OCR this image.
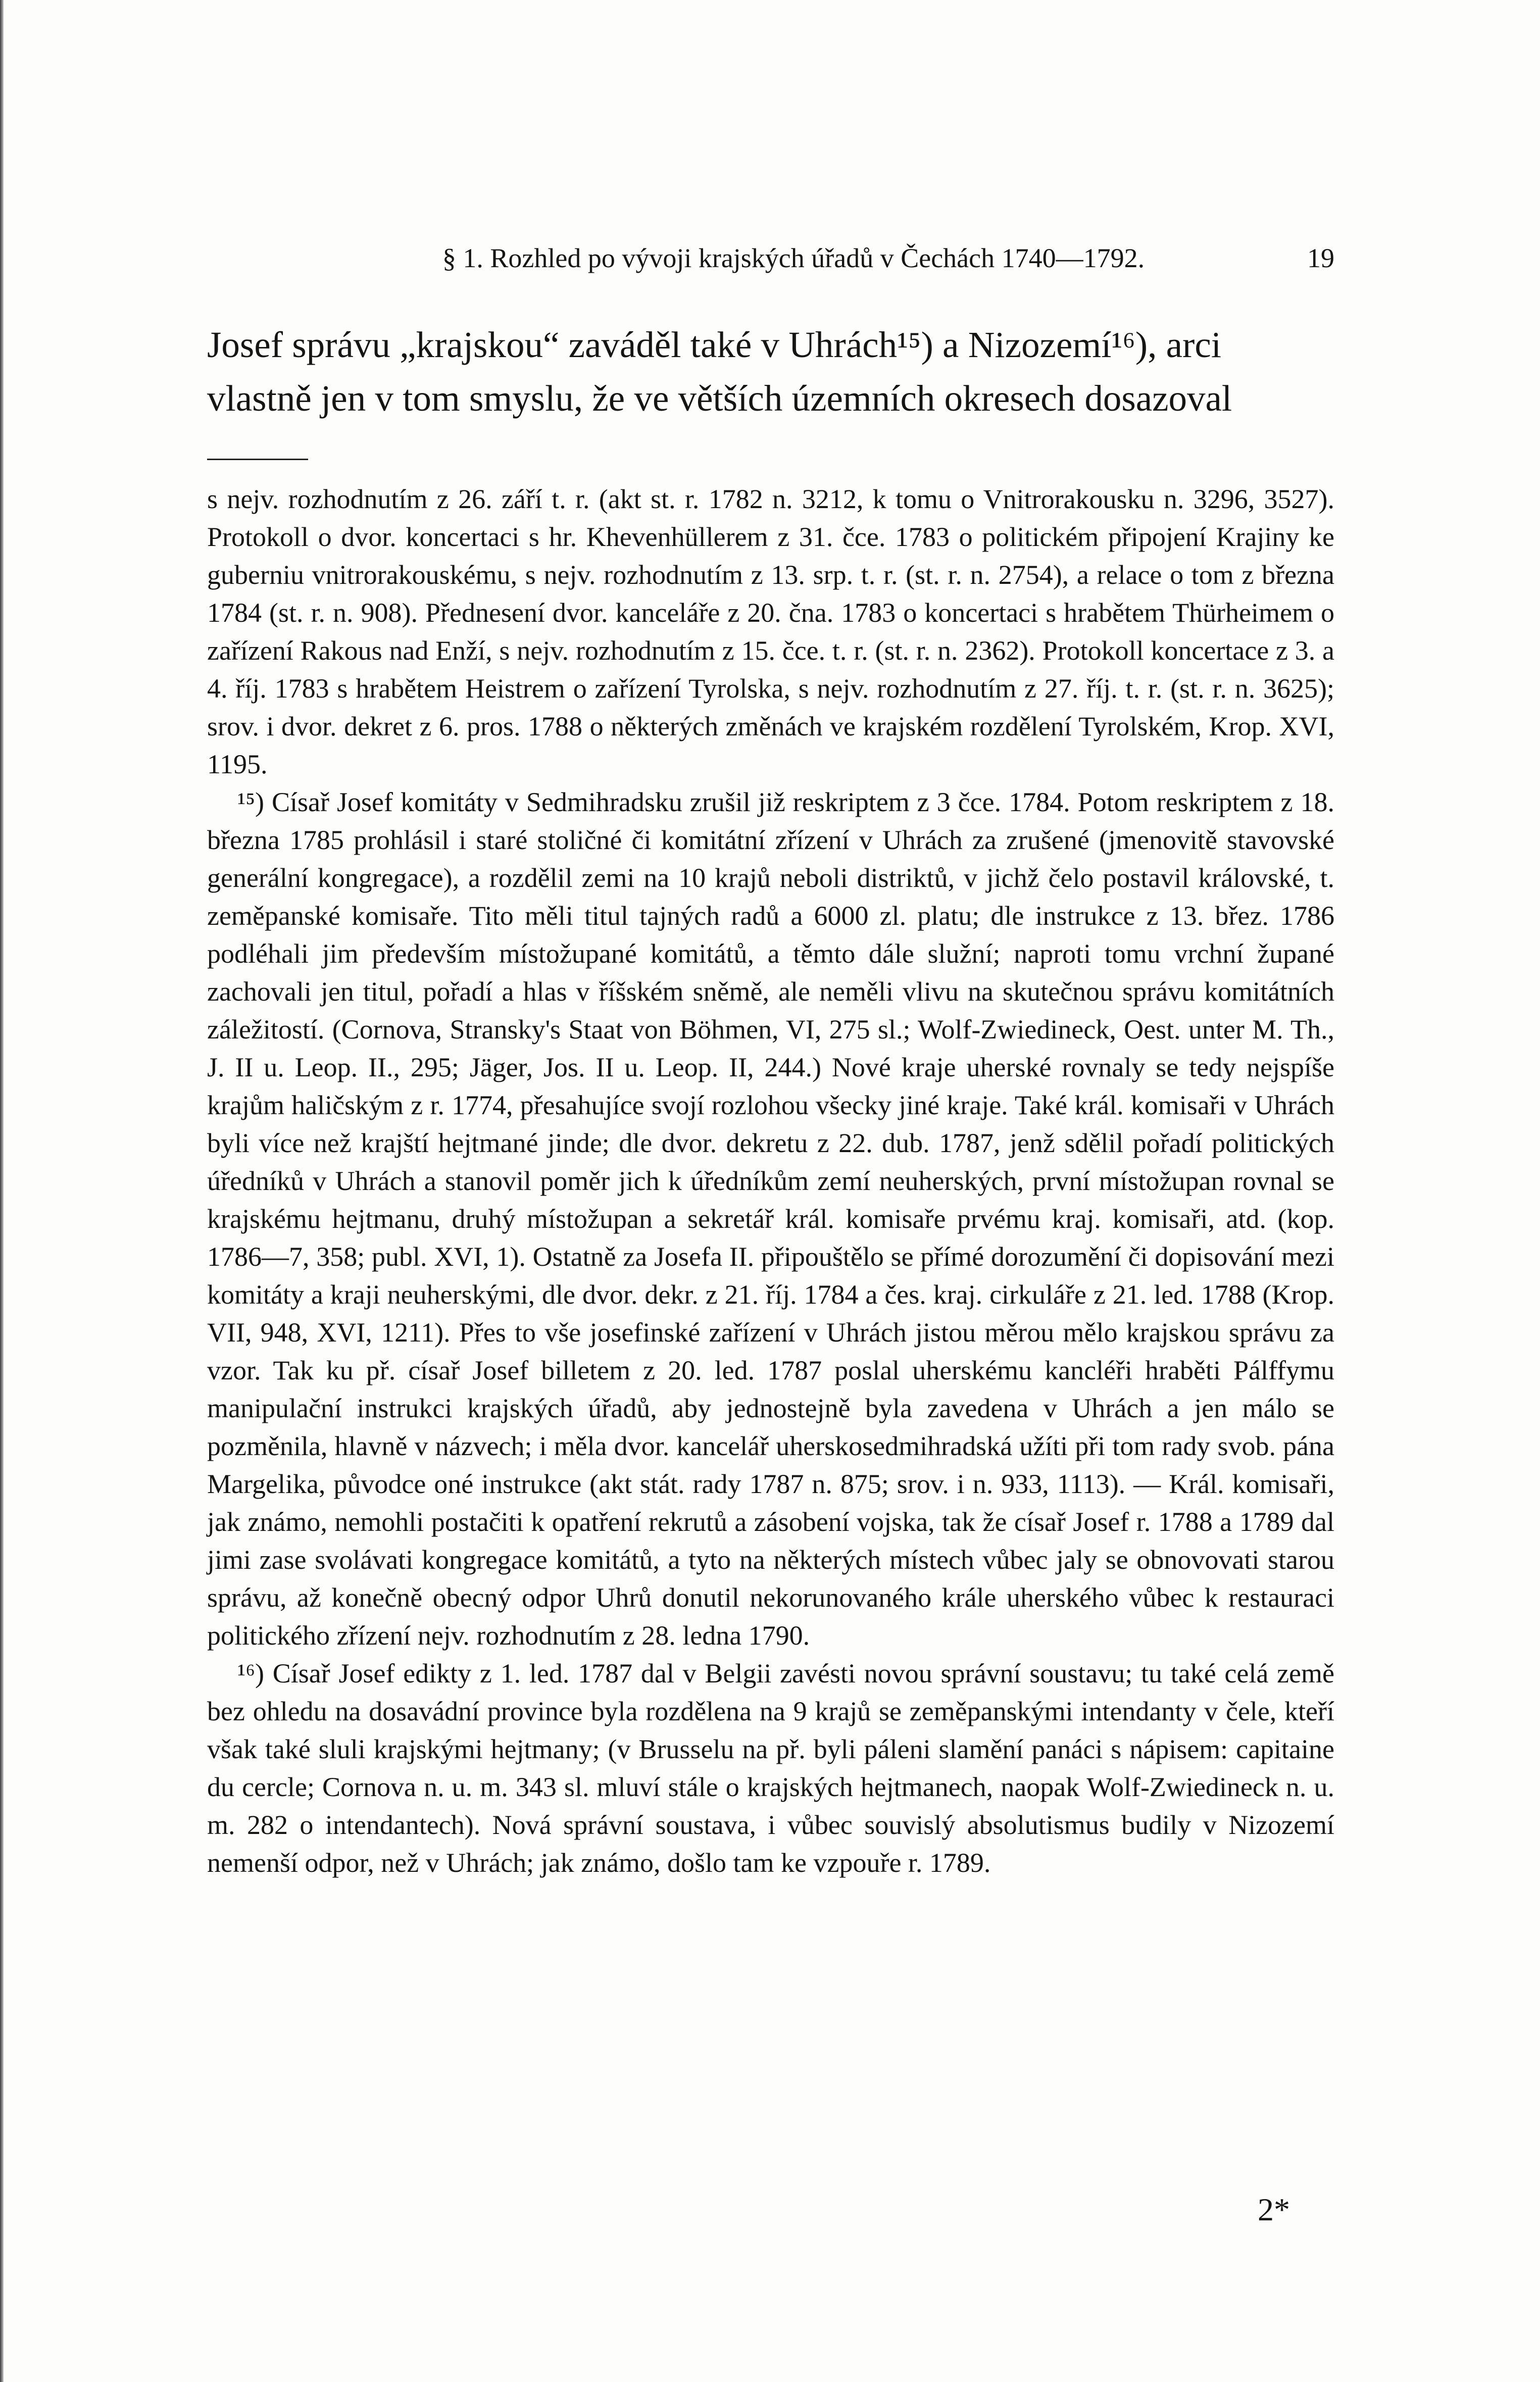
§ 1. Rozhled po vývoji krajských úřadů v Čechách 1740—1792.	19
Josef správu „krajskou“ zaváděl také v Uhrách¹⁵) a Nizozemí¹⁶), arci
vlastně jen v tom smyslu, že ve větších územních okresech dosazoval

s nejv. rozhodnutím z 26. září t. r. (akt st. r. 1782 n. 3212, k tomu o Vnitrorakousku n. 3296, 3527). Protokoll o dvor. koncertaci s hr. Khevenhüllerem z 31. čce. 1783 o politickém připojení Krajiny ke guberniu vnitrorakouskému, s nejv. rozhodnutím z 13. srp. t. r. (st. r. n. 2754), a relace o tom z března 1784 (st. r. n. 908). Přednesení dvor. kanceláře z 20. čna. 1783 o koncertaci s hrabětem Thürheimem o zařízení Rakous nad Enží, s nejv. rozhodnutím z 15. čce. t. r. (st. r. n. 2362). Protokoll koncertace z 3. a 4. říj. 1783 s hrabětem Heistrem o zařízení Tyrolska, s nejv. rozhodnutím z 27. říj. t. r. (st. r. n. 3625); srov. i dvor. dekret z 6. pros. 1788 o některých změnách ve krajském rozdělení Tyrolském, Krop. XVI, 1195.

¹⁵) Císař Josef komitáty v Sedmihradsku zrušil již reskriptem z 3 čce. 1784. Potom reskriptem z 18. března 1785 prohlásil i staré stoličné či komitátní zřízení v Uhrách za zrušené (jmenovitě stavovské generální kongregace), a rozdělil zemi na 10 krajů neboli distriktů, v jichž čelo postavil královské, t. zeměpanské komisaře. Tito měli titul tajných radů a 6000 zl. platu; dle instrukce z 13. břez. 1786 podléhali jim především místožupané komitátů, a těmto dále služní; naproti tomu vrchní župané zachovali jen titul, pořadí a hlas v říšském sněmě, ale neměli vlivu na skutečnou správu komitátních záležitostí. (Cornova, Stransky's Staat von Böhmen, VI, 275 sl.; Wolf-Zwiedineck, Oest. unter M. Th., J. II u. Leop. II., 295; Jäger, Jos. II u. Leop. II, 244.) Nové kraje uherské rovnaly se tedy nejspíše krajům haličským z r. 1774, přesahujíce svojí rozlohou všecky jiné kraje. Také král. komisaři v Uhrách byli více než krajští hejtmané jinde; dle dvor. dekretu z 22. dub. 1787, jenž sdělil pořadí politických úředníků v Uhrách a stanovil poměr jich k úředníkům zemí neuherských, první místožupan rovnal se krajskému hejtmanu, druhý místožupan a sekretář král. komisaře prvému kraj. komisaři, atd. (kop. 1786—7, 358; publ. XVI, 1). Ostatně za Josefa II. připouštělo se přímé dorozumění či dopisování mezi komitáty a kraji neuherskými, dle dvor. dekr. z 21. říj. 1784 a čes. kraj. cirkuláře z 21. led. 1788 (Krop. VII, 948, XVI, 1211). Přes to vše josefinské zařízení v Uhrách jistou měrou mělo krajskou správu za vzor. Tak ku př. císař Josef billetem z 20. led. 1787 poslal uherskému kancléři hraběti Pálffymu manipulační instrukci krajských úřadů, aby jednostejně byla zavedena v Uhrách a jen málo se pozměnila, hlavně v názvech; i měla dvor. kancelář uherskosedmihradská užíti při tom rady svob. pána Margelika, původce oné instrukce (akt stát. rady 1787 n. 875; srov. i n. 933, 1113). — Král. komisaři, jak známo, nemohli postačiti k opatření rekrutů a zásobení vojska, tak že císař Josef r. 1788 a 1789 dal jimi zase svolávati kongregace komitátů, a tyto na některých místech vůbec jaly se obnovovati starou správu, až konečně obecný odpor Uhrů donutil nekorunovaného krále uherského vůbec k restauraci politického zřízení nejv. rozhodnutím z 28. ledna 1790.

¹⁶) Císař Josef edikty z 1. led. 1787 dal v Belgii zavésti novou správní soustavu; tu také celá země bez ohledu na dosavádní province byla rozdělena na 9 krajů se zeměpanskými intendanty v čele, kteří však také sluli krajskými hejtmany; (v Brusselu na př. byli páleni slamění panáci s nápisem: capitaine du cercle; Cornova n. u. m. 343 sl. mluví stále o krajských hejtmanech, naopak Wolf-Zwiedineck n. u. m. 282 o intendantech). Nová správní soustava, i vůbec souvislý absolutismus budily v Nizozemí nemenší odpor, než v Uhrách; jak známo, došlo tam ke vzpouře r. 1789.

2*
